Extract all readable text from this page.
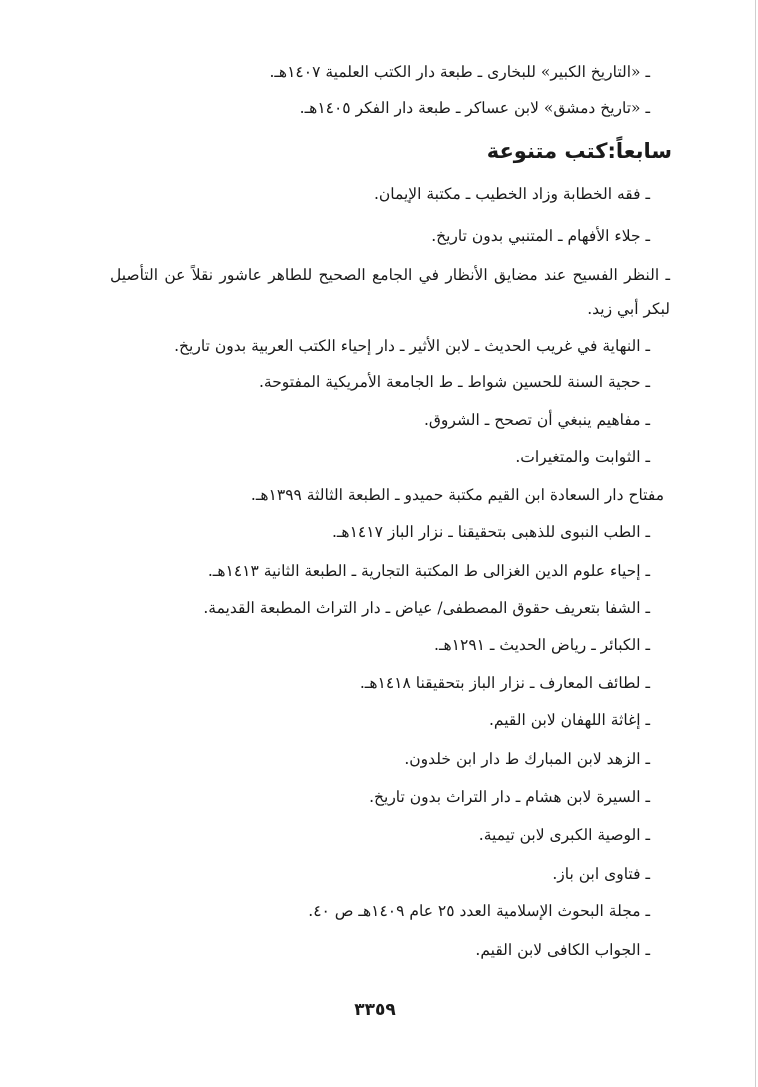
ـ «التاريخ الكبير» للبخارى ـ طبعة دار الكتب العلمية ١٤٠٧هـ.
ـ «تاريخ دمشق» لابن عساكر ـ طبعة دار الفكر ١٤٠٥هـ.
سابعاً:كتب متنوعة
ـ فقه الخطابة وزاد الخطيب ـ مكتبة الإيمان.
ـ جلاء الأفهام ـ المتنبي بدون تاريخ.
ـ النظر الفسيح عند مضايق الأنظار في الجامع الصحيح للطاهر عاشور نقلاً عن التأصيل لبكر أبي زيد.
ـ النهاية في غريب الحديث ـ لابن الأثير ـ دار إحياء الكتب العربية بدون تاريخ.
ـ حجية السنة للحسين شواط ـ ط الجامعة الأمريكية المفتوحة.
ـ مفاهيم ينبغي أن تصحح ـ الشروق.
ـ الثوابت والمتغيرات.
مفتاح دار السعادة ابن القيم مكتبة حميدو ـ الطبعة الثالثة ١٣٩٩هـ.
ـ الطب النبوى للذهبى بتحقيقنا ـ نزار الباز ١٤١٧هـ.
ـ إحياء علوم الدين الغزالى ط المكتبة التجارية ـ الطبعة الثانية ١٤١٣هـ.
ـ الشفا بتعريف حقوق المصطفى/ عياض ـ دار التراث المطبعة القديمة.
ـ الكبائر ـ رياض الحديث ـ ١٢٩١هـ.
ـ لطائف المعارف ـ نزار الباز بتحقيقنا ١٤١٨هـ.
ـ إغاثة اللهفان لابن القيم.
ـ الزهد لابن المبارك ط دار ابن خلدون.
ـ السيرة لابن هشام ـ دار التراث بدون تاريخ.
ـ الوصية الكبرى لابن تيمية.
ـ فتاوى ابن باز.
ـ مجلة البحوث الإسلامية العدد ٢٥ عام ١٤٠٩هـ ص ٤٠.
ـ الجواب الكافى لابن القيم.
٣٣٥٩
